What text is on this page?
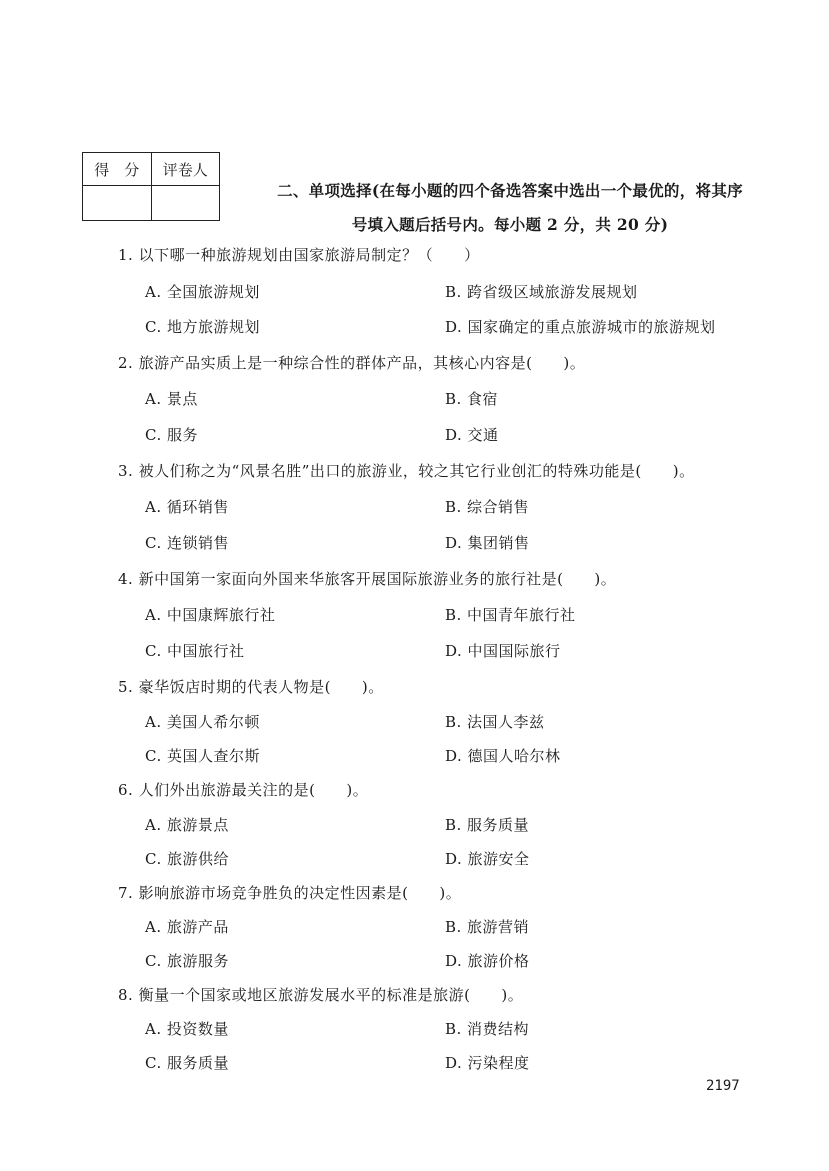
得　分	评卷人

二、单项选择(在每小题的四个备选答案中选出一个最优的，将其序
号填入题后括号内。每小题 2 分，共 20 分)
1. 以下哪一种旅游规划由国家旅游局制定？（　　）
A. 全国旅游规划	B. 跨省级区域旅游发展规划
C. 地方旅游规划	D. 国家确定的重点旅游城市的旅游规划
2. 旅游产品实质上是一种综合性的群体产品，其核心内容是(　　)。
A. 景点	B. 食宿
C. 服务	D. 交通
3. 被人们称之为“风景名胜”出口的旅游业，较之其它行业创汇的特殊功能是(　　)。
A. 循环销售	B. 综合销售
C. 连锁销售	D. 集团销售
4. 新中国第一家面向外国来华旅客开展国际旅游业务的旅行社是(　　)。
A. 中国康辉旅行社	B. 中国青年旅行社
C. 中国旅行社	D. 中国国际旅行
5. 豪华饭店时期的代表人物是(　　)。
A. 美国人希尔顿	B. 法国人李兹
C. 英国人查尔斯	D. 德国人哈尔林
6. 人们外出旅游最关注的是(　　)。
A. 旅游景点	B. 服务质量
C. 旅游供给	D. 旅游安全
7. 影响旅游市场竞争胜负的决定性因素是(　　)。
A. 旅游产品	B. 旅游营销
C. 旅游服务	D. 旅游价格
8. 衡量一个国家或地区旅游发展水平的标准是旅游(　　)。
A. 投资数量	B. 消费结构
C. 服务质量	D. 污染程度
2197
